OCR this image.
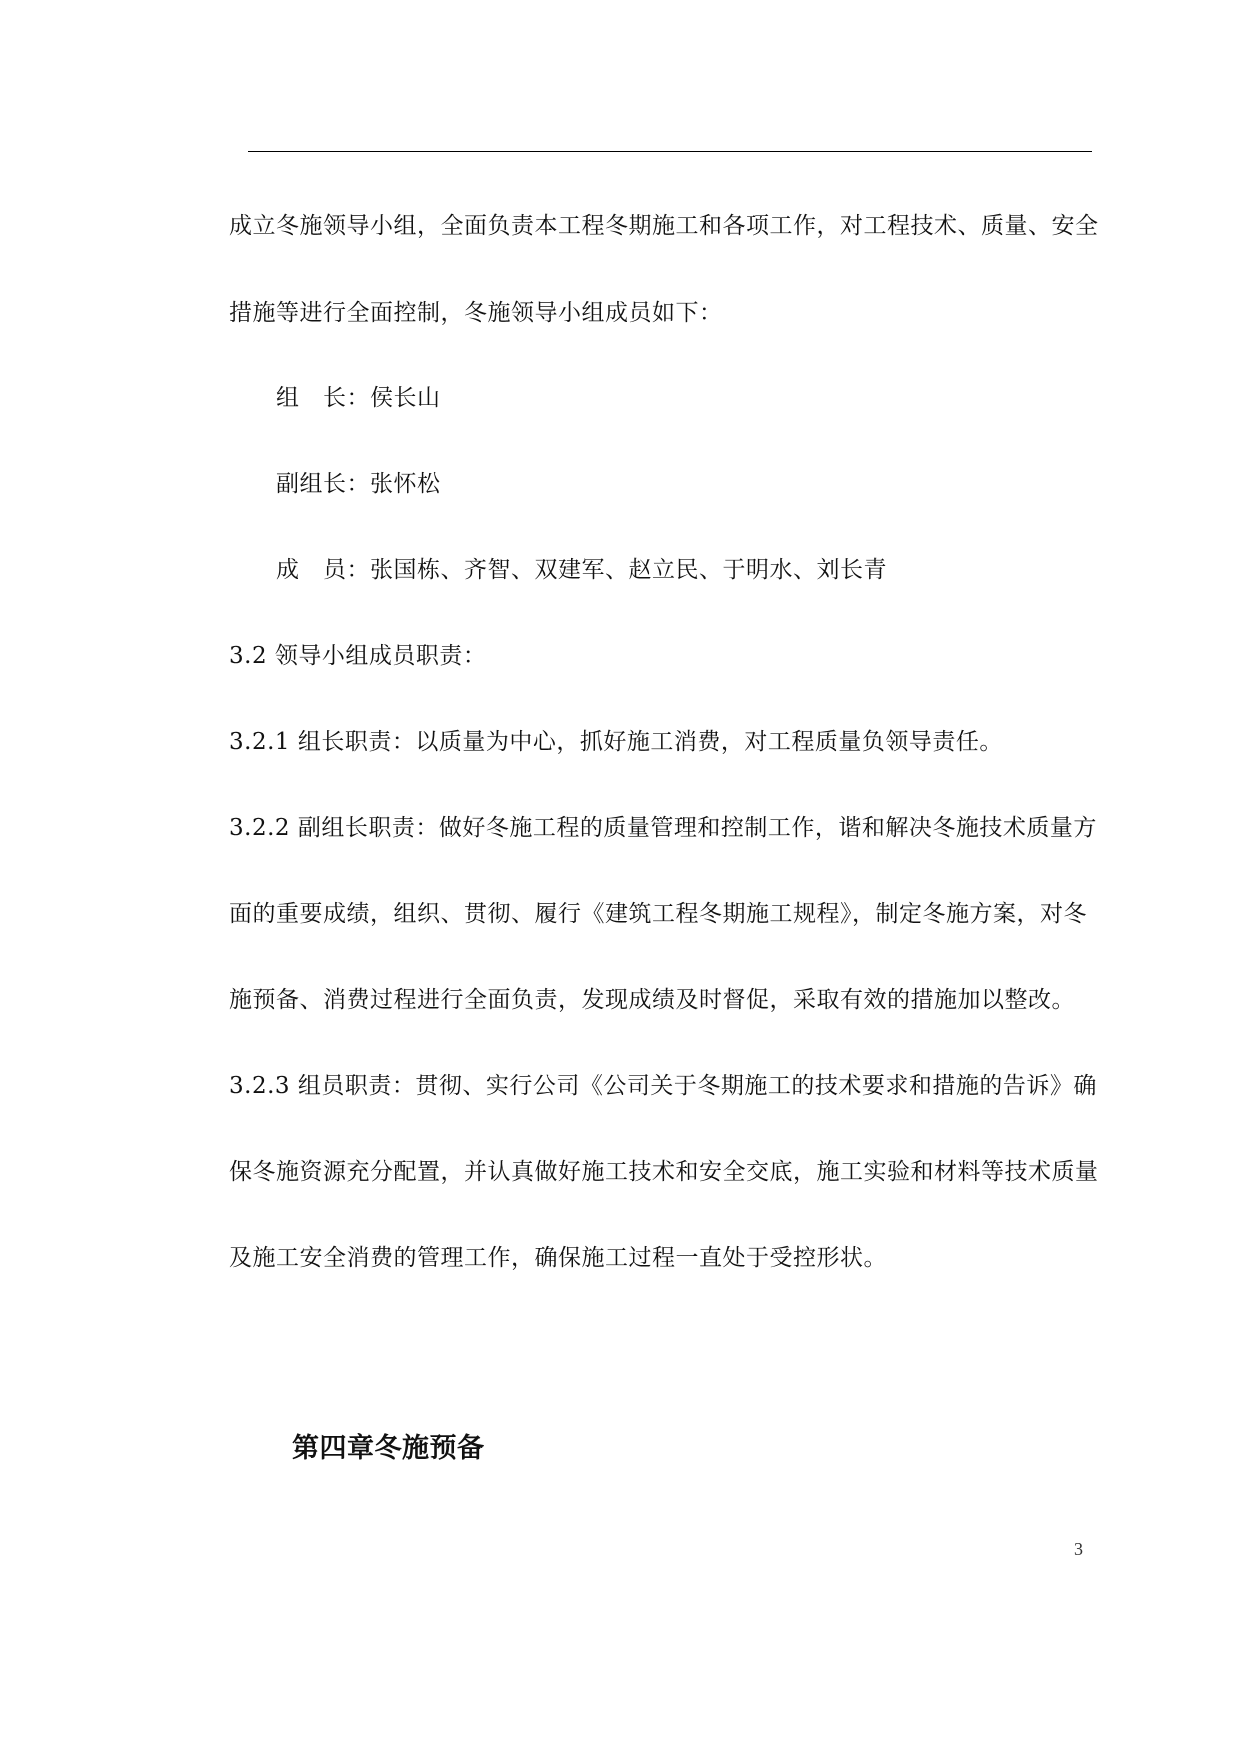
成立冬施领导小组，全面负责本工程冬期施工和各项工作，对工程技术、质量、安全
措施等进行全面控制，冬施领导小组成员如下：
组　长：侯长山
副组长：张怀松
成　员：张国栋、齐智、双建军、赵立民、于明水、刘长青
3.2 领导小组成员职责：
3.2.1 组长职责：以质量为中心，抓好施工消费，对工程质量负领导责任。
3.2.2 副组长职责：做好冬施工程的质量管理和控制工作，谐和解决冬施技术质量方
面的重要成绩，组织、贯彻、履行《建筑工程冬期施工规程》，制定冬施方案，对冬
施预备、消费过程进行全面负责，发现成绩及时督促，采取有效的措施加以整改。
3.2.3 组员职责：贯彻、实行公司《公司关于冬期施工的技术要求和措施的告诉》确
保冬施资源充分配置，并认真做好施工技术和安全交底，施工实验和材料等技术质量
及施工安全消费的管理工作，确保施工过程一直处于受控形状。
第四章冬施预备
3
